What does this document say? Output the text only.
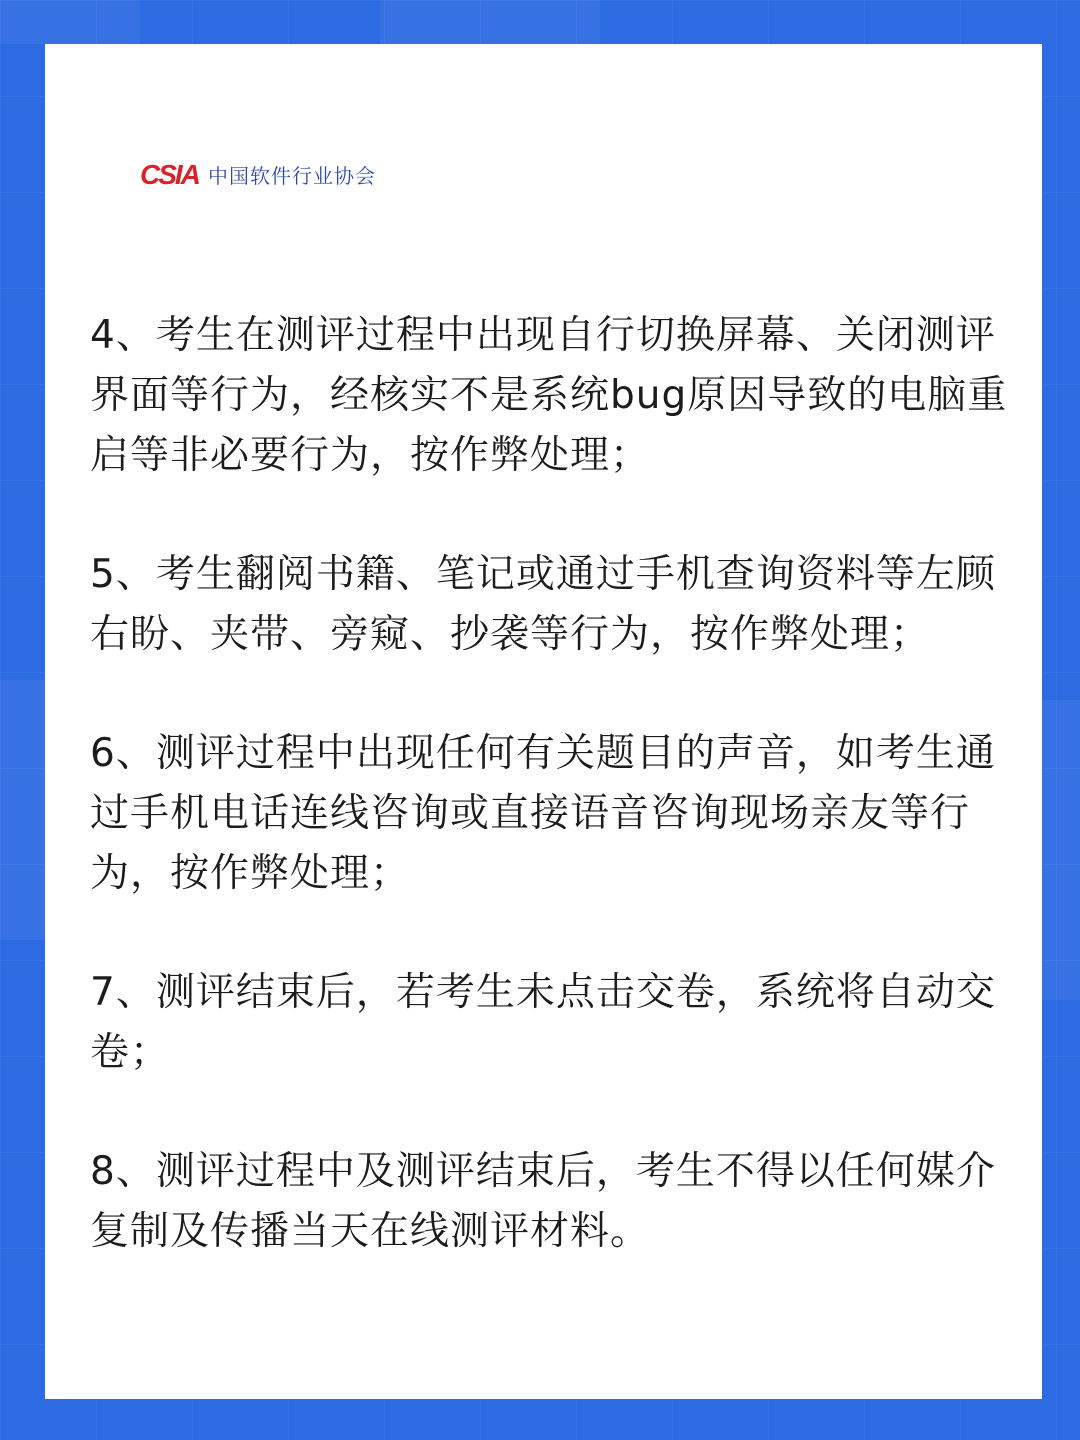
CSIA 中国软件行业协会

4、考生在测评过程中出现自行切换屏幕、关闭测评界面等行为，经核实不是系统bug原因导致的电脑重启等非必要行为，按作弊处理；

5、考生翻阅书籍、笔记或通过手机查询资料等左顾右盼、夹带、旁窥、抄袭等行为，按作弊处理；

6、测评过程中出现任何有关题目的声音，如考生通过手机电话连线咨询或直接语音咨询现场亲友等行为，按作弊处理；

7、测评结束后，若考生未点击交卷，系统将自动交卷；

8、测评过程中及测评结束后，考生不得以任何媒介复制及传播当天在线测评材料。
